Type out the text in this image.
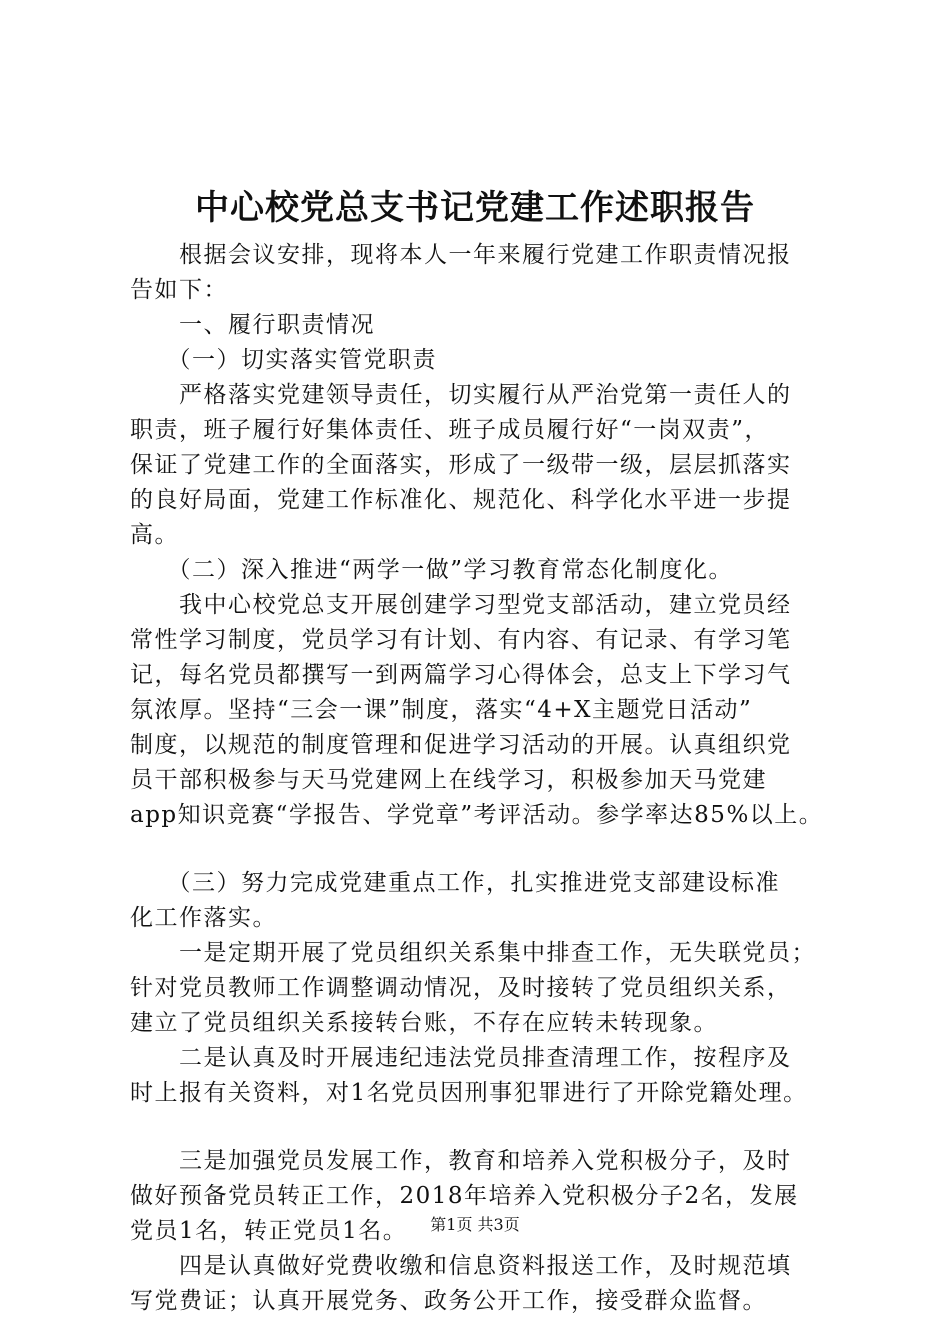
中心校党总支书记党建工作述职报告
　　根据会议安排，现将本人一年来履行党建工作职责情况报
告如下：
　　一、履行职责情况
　　（一）切实落实管党职责
　　严格落实党建领导责任，切实履行从严治党第一责任人的
职责，班子履行好集体责任、班子成员履行好“一岗双责”，
保证了党建工作的全面落实，形成了一级带一级，层层抓落实
的良好局面，党建工作标准化、规范化、科学化水平进一步提
高。
　　（二）深入推进“两学一做”学习教育常态化制度化。
　　我中心校党总支开展创建学习型党支部活动，建立党员经
常性学习制度，党员学习有计划、有内容、有记录、有学习笔
记，每名党员都撰写一到两篇学习心得体会，总支上下学习气
氛浓厚。坚持“三会一课”制度，落实“4+X主题党日活动”
制度，以规范的制度管理和促进学习活动的开展。认真组织党
员干部积极参与天马党建网上在线学习，积极参加天马党建
app知识竞赛“学报告、学党章”考评活动。参学率达85%以上。
　　（三）努力完成党建重点工作，扎实推进党支部建设标准
化工作落实。
　　一是定期开展了党员组织关系集中排查工作，无失联党员；
针对党员教师工作调整调动情况，及时接转了党员组织关系，
建立了党员组织关系接转台账，不存在应转未转现象。
　　二是认真及时开展违纪违法党员排查清理工作，按程序及
时上报有关资料，对1名党员因刑事犯罪进行了开除党籍处理。
　　三是加强党员发展工作，教育和培养入党积极分子，及时
做好预备党员转正工作，2018年培养入党积极分子2名，发展
党员1名，转正党员1名。
　　四是认真做好党费收缴和信息资料报送工作，及时规范填
写党费证；认真开展党务、政务公开工作，接受群众监督。
第1页 共3页
